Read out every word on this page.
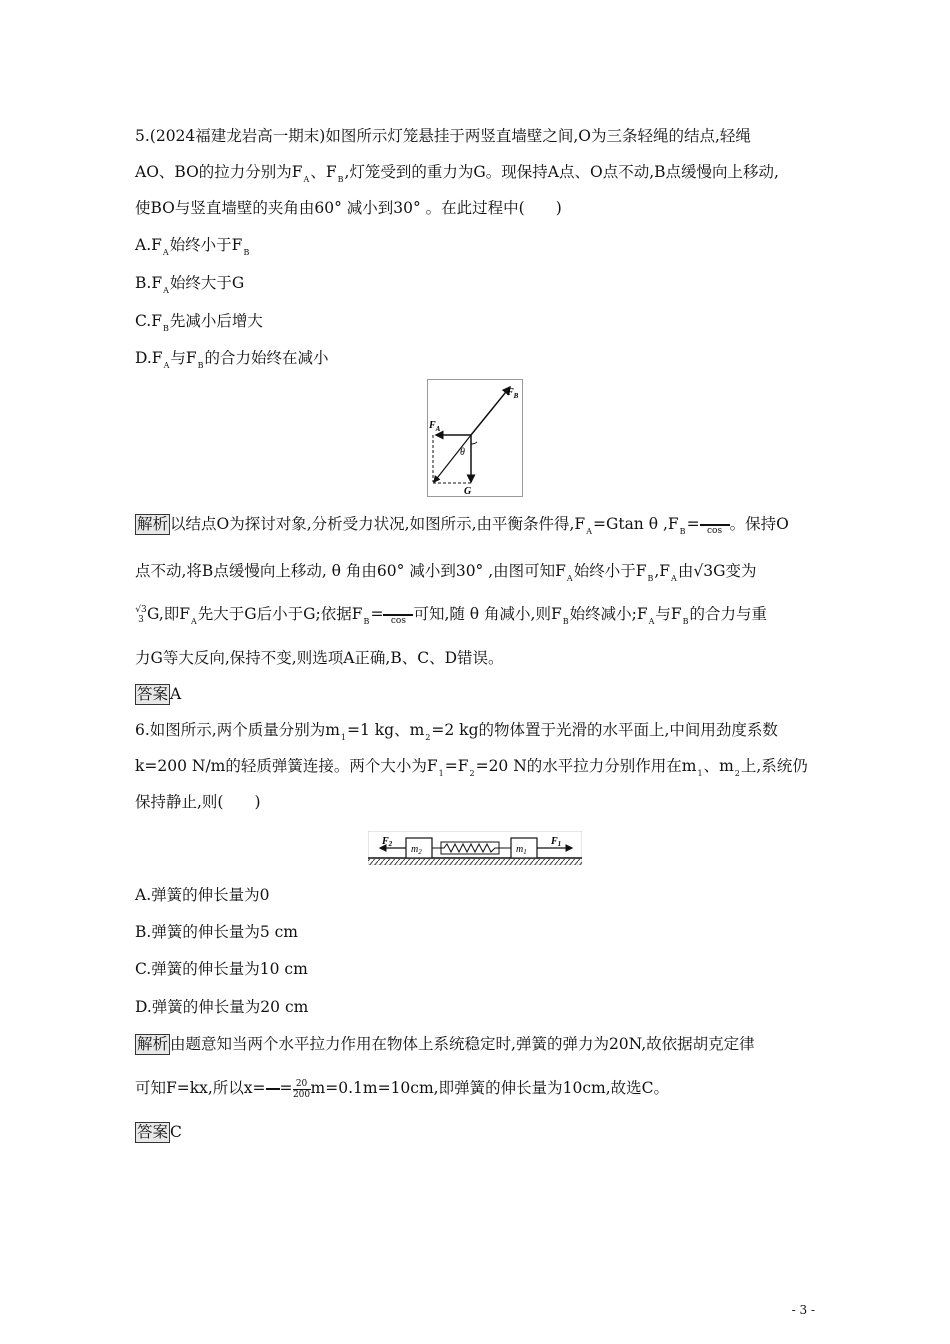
5.(2024福建龙岩高一期末)如图所示灯笼悬挂于两竖直墙壁之间,O为三条轻绳的结点,轻绳
AO、BO的拉力分别为$F_A$、$F_B$,灯笼受到的重力为G。现保持A点、O点不动,B点缓慢向上移动,
使BO与竖直墙壁的夹角由60° 减小到30° 。在此过程中(　　)
$A.F_A$始终小于$F_B$
$B.F_A$始终大于G
$C.F_B$先减小后增大
$D.F_A$与$F_B$的合力始终在减小
$F_B$
$F_A$
θ
G
解析 以结点O为探讨对象,分析受力状况,如图所示,由平衡条件得$,F_A=Gtan$ θ $,F_B= \cos$ 。保持O
点不动,将B点缓慢向上移动, θ 角由60° 减小到30° ,由图可知$F_A$始终小于$F_B,F_A$由√3G变为
√3
3 G,即$F_A$先大于G后小于G;依据$F_B= \cos$ 可知,随 θ 角减小,则$F_B$始终减小$;F_A$与$F_B$的合力与重
力G等大反向,保持不变,则选项A正确,B、C、D错误。
答案 A
6.如图所示,两个质量分别为$m_1=1$ kg、$m_2=2$ kg的物体置于光滑的水平面上,中间用劲度系数
k=200 N/m的轻质弹簧连接。两个大小为$F_1=F_2=20$ N的水平拉力分别作用在$m_1$、$m_2$上,系统仍
保持静止,则(　　)
$F_2$ $m_2$	$m_1$
$F_1$
A.弹簧的伸长量为0
B.弹簧的伸长量为5 cm
C.弹簧的伸长量为10 cm
D.弹簧的伸长量为20 cm
解析 由题意知当两个水平拉力作用在物体上系统稳定时,弹簧的弹力为20N,故依据胡克定律
可知F=kx,所以$x= = \frac{20}{200} m=0.1m=10cm$,即弹簧的伸长量为10cm,故选C。
答案 C
- 3 -
